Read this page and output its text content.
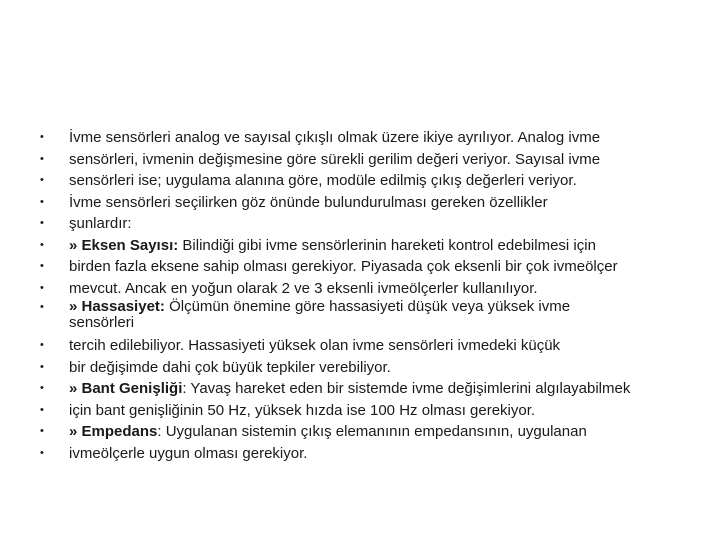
• İvme sensörleri analog ve sayısal çıkışlı olmak üzere ikiye ayrılıyor. Analog ivme
• sensörleri, ivmenin değişmesine göre sürekli gerilim değeri veriyor. Sayısal ivme
• sensörleri ise; uygulama alanına göre, modüle edilmiş çıkış değerleri veriyor.
• İvme sensörleri seçilirken göz önünde bulundurulması gereken özellikler
• şunlardır:
• » Eksen Sayısı: Bilindiği gibi ivme sensörlerinin hareketi kontrol edebilmesi için
• birden fazla eksene sahip olması gerekiyor. Piyasada çok eksenli bir çok ivmeölçer
• mevcut. Ancak en yoğun olarak 2 ve 3 eksenli ivmeölçerler kullanılıyor.
• » Hassasiyet: Ölçümün önemine göre hassasiyeti düşük veya yüksek ivme
sensörleri
• tercih edilebiliyor. Hassasiyeti yüksek olan ivme sensörleri ivmedeki küçük
• bir değişimde dahi çok büyük tepkiler verebiliyor.
• » Bant Genişliği: Yavaş hareket eden bir sistemde ivme değişimlerini algılayabilmek
• için bant genişliğinin 50 Hz, yüksek hızda ise 100 Hz olması gerekiyor.
• » Empedans: Uygulanan sistemin çıkış elemanının empedansının, uygulanan
• ivmeölçerle uygun olması gerekiyor.
